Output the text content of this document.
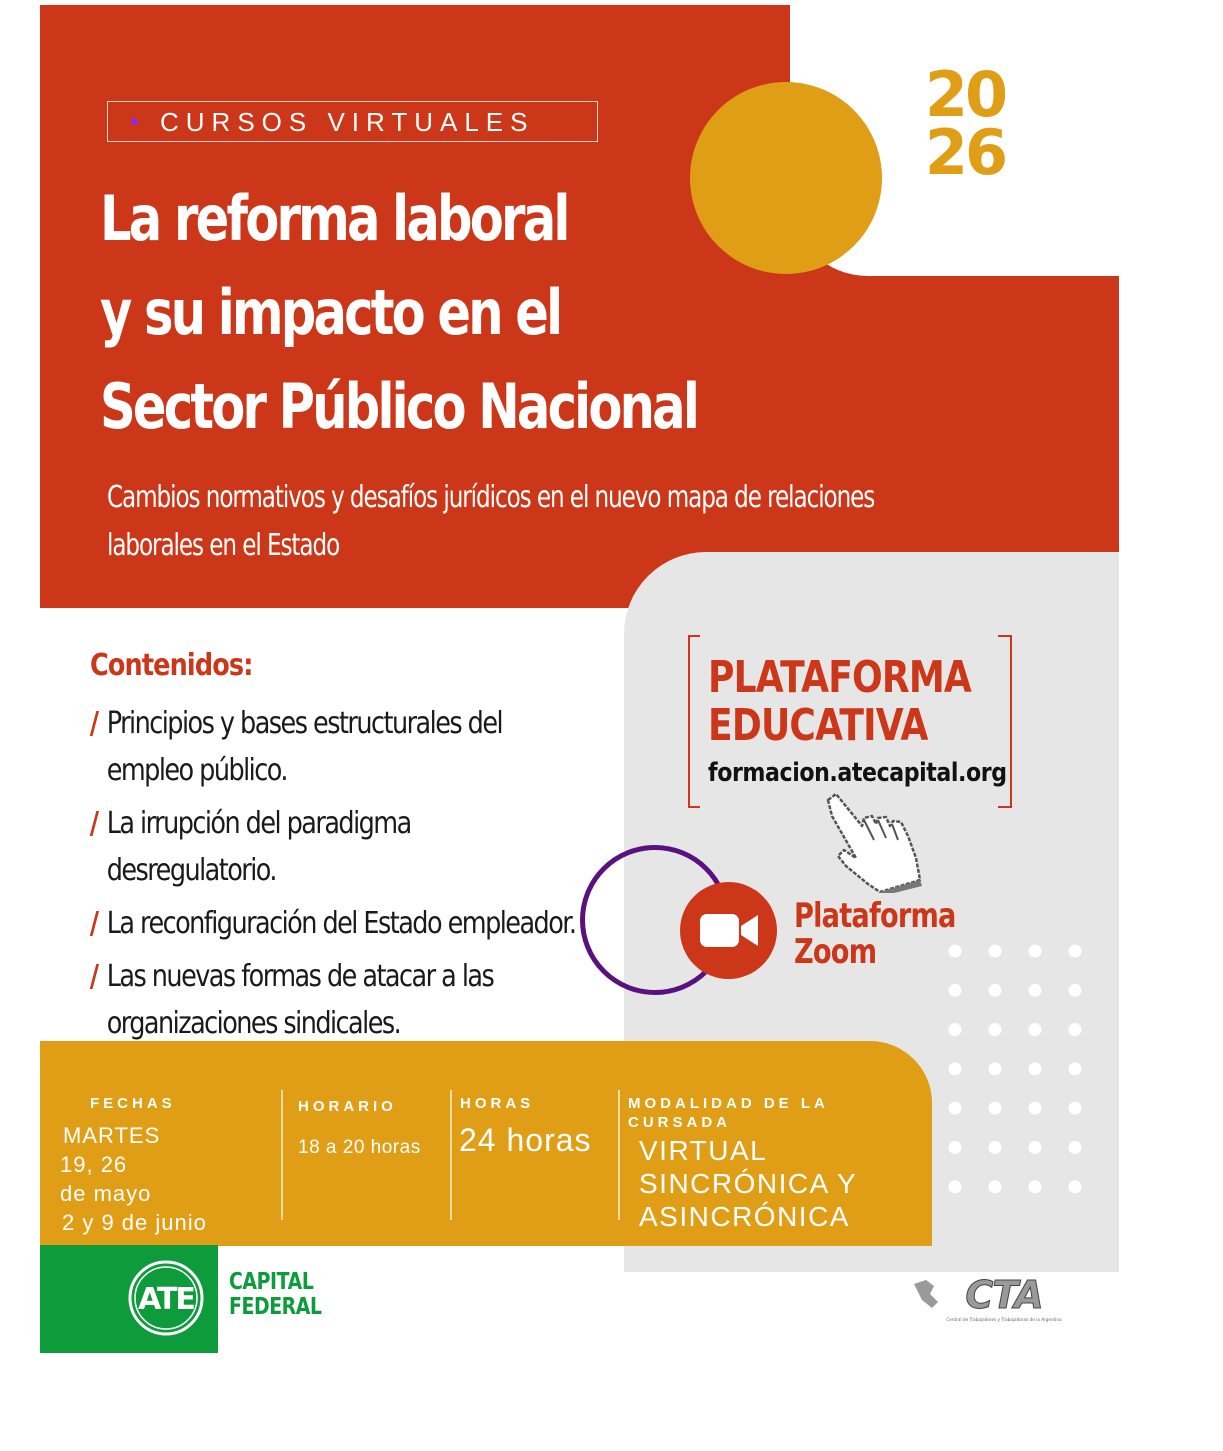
20
26
CURSOS VIRTUALES
La reforma laboral
y su impacto en el
Sector Público Nacional

Cambios normativos y desafíos jurídicos en el nuevo mapa de relaciones
laborales en el Estado

Contenidos:
/ Principios y bases estructurales del empleo público.
/ La irrupción del paradigma desregulatorio.
/ La reconfiguración del Estado empleador.
/ Las nuevas formas de atacar a las organizaciones sindicales.
PLATAFORMA
EDUCATIVA
formacion.atecapital.org

Plataforma
Zoom

FECHAS
MARTES
19, 26
de mayo
2 y 9 de junio
HORARIO
18 a 20 horas
HORAS
24 horas
MODALIDAD DE LA CURSADA
VIRTUAL
SINCRÓNICA Y
ASINCRÓNICA
ATE CAPITAL
FEDERAL	CTA
Central de Trabajadores y Trabajadoras de la Argentina
